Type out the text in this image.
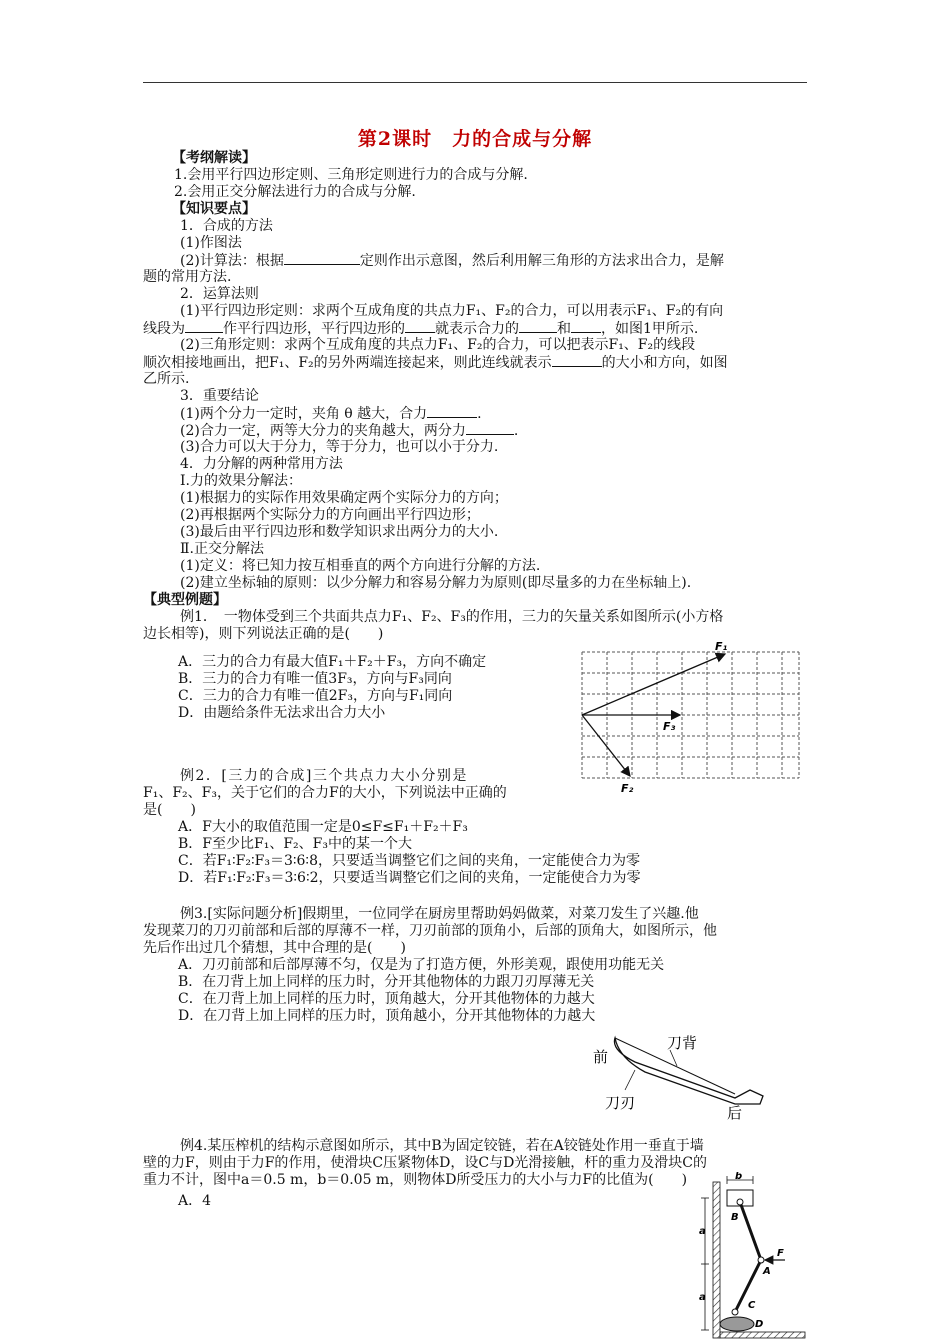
第2课时　力的合成与分解
【考纲解读】
1.会用平行四边形定则、三角形定则进行力的合成与分解.
2.会用正交分解法进行力的合成与分解.
【知识要点】
1．合成的方法
(1)作图法
(2)计算法：根据	定则作出示意图，然后利用解三角形的方法求出合力，是解
题的常用方法.
2．运算法则
(1)平行四边形定则：求两个互成角度的共点力F₁、F₂的合力，可以用表示F₁、F₂的有向
线段为	作平行四边形，平行四边形的 就表示合力的	和 ，如图1甲所示.
(2)三角形定则：求两个互成角度的共点力F₁、F₂的合力，可以把表示F₁、F₂的线段
顺次相接地画出，把F₁、F₂的另外两端连接起来，则此连线就表示	的大小和方向，如图
乙所示.
3．重要结论
(1)两个分力一定时，夹角 θ 越大，合力	.
(2)合力一定，两等大分力的夹角越大，两分力	.
(3)合力可以大于分力，等于分力，也可以小于分力.
4．力分解的两种常用方法
Ⅰ.力的效果分解法：
(1)根据力的实际作用效果确定两个实际分力的方向；
(2)再根据两个实际分力的方向画出平行四边形；
(3)最后由平行四边形和数学知识求出两分力的大小.
Ⅱ.正交分解法
(1)定义：将已知力按互相垂直的两个方向进行分解的方法.
(2)建立坐标轴的原则：以少分解力和容易分解力为原则(即尽量多的力在坐标轴上).
【典型例题】
例1．　一物体受到三个共面共点力F₁、F₂、F₃的作用，三力的矢量关系如图所示(小方格
边长相等)，则下列说法正确的是(　　)
A．三力的合力有最大值F₁＋F₂＋F₃，方向不确定
B．三力的合力有唯一值3F₃，方向与F₃同向
C．三力的合力有唯一值2F₃，方向与F₁同向
D．由题给条件无法求出合力大小
F₁
F₃
F₂
例2．[三力的合成]三个共点力大小分别是
F₁、F₂、F₃，关于它们的合力F的大小，下列说法中正确的
是(　　)
A．F大小的取值范围一定是0≤F≤F₁＋F₂＋F₃
B．F至少比F₁、F₂、F₃中的某一个大
C．若F₁∶F₂∶F₃＝3∶6∶8，只要适当调整它们之间的夹角，一定能使合力为零
D．若F₁∶F₂∶F₃＝3∶6∶2，只要适当调整它们之间的夹角，一定能使合力为零
例3.[实际问题分析]假期里，一位同学在厨房里帮助妈妈做菜，对菜刀发生了兴趣.他
发现菜刀的刀刃前部和后部的厚薄不一样，刀刃前部的顶角小，后部的顶角大，如图所示，他
先后作出过几个猜想，其中合理的是(　　)
A．刀刃前部和后部厚薄不匀，仅是为了打造方便，外形美观，跟使用功能无关
B．在刀背上加上同样的压力时，分开其他物体的力跟刀刃厚薄无关
C．在刀背上加上同样的压力时，顶角越大，分开其他物体的力越大
D．在刀背上加上同样的压力时，顶角越小，分开其他物体的力越大
前
刀背
刀刃
后
例4.某压榨机的结构示意图如所示，其中B为固定铰链，若在A铰链处作用一垂直于墙
壁的力F，则由于力F的作用，使滑块C压紧物体D，设C与D光滑接触，杆的重力及滑块C的
重力不计，图中a＝0.5 m，b＝0.05 m，则物体D所受压力的大小与力F的比值为(　　)
A．4
b
a
a
B
A
F
C
D
